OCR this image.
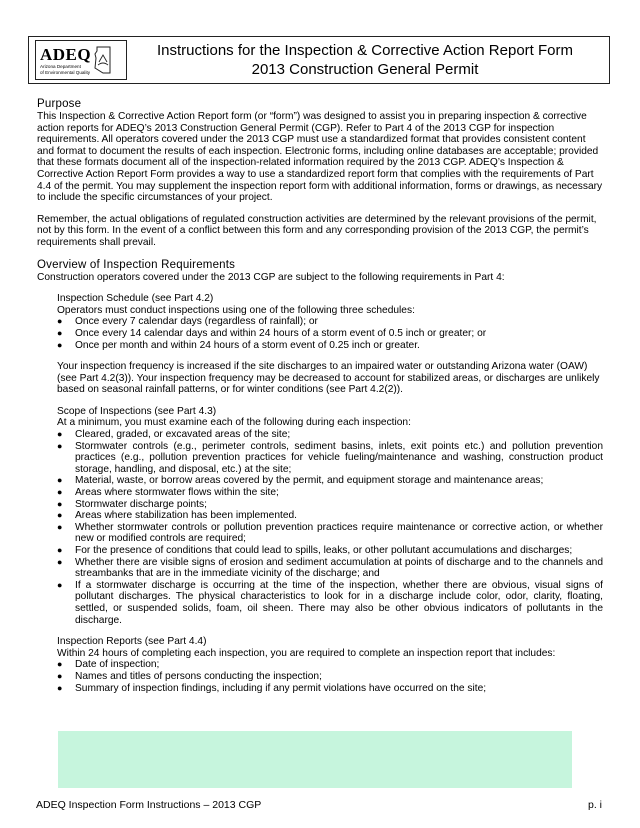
ADEQ
Arizona Department
of Environmental Quality
Instructions for the Inspection & Corrective Action Report Form
2013 Construction General Permit
Purpose

This Inspection & Corrective Action Report form (or “form”) was designed to assist you in preparing inspection & corrective action reports for ADEQ’s 2013 Construction General Permit (CGP). Refer to Part 4 of the 2013 CGP for inspection requirements. All operators covered under the 2013 CGP must use a standardized format that provides consistent content and format to document the results of each inspection. Electronic forms, including online databases are acceptable; provided that these formats document all of the inspection-related information required by the 2013 CGP. ADEQ’s Inspection & Corrective Action Report Form provides a way to use a standardized report form that complies with the requirements of Part 4.4 of the permit. You may supplement the inspection report form with additional information, forms or drawings, as necessary to include the specific circumstances of your project.

Remember, the actual obligations of regulated construction activities are determined by the relevant provisions of the permit, not by this form. In the event of a conflict between this form and any corresponding provision of the 2013 CGP, the permit’s requirements shall prevail.

Overview of Inspection Requirements

Construction operators covered under the 2013 CGP are subject to the following requirements in Part 4:

Inspection Schedule (see Part 4.2)

Operators must conduct inspections using one of the following three schedules:

● Once every 7 calendar days (regardless of rainfall); or
● Once every 14 calendar days and within 24 hours of a storm event of 0.5 inch or greater; or
● Once per month and within 24 hours of a storm event of 0.25 inch or greater.

Your inspection frequency is increased if the site discharges to an impaired water or outstanding Arizona water (OAW) (see Part 4.2(3)). Your inspection frequency may be decreased to account for stabilized areas, or discharges are unlikely based on seasonal rainfall patterns, or for winter conditions (see Part 4.2(2)).

Scope of Inspections (see Part 4.3)

At a minimum, you must examine each of the following during each inspection:

● Cleared, graded, or excavated areas of the site;
● Stormwater controls (e.g., perimeter controls, sediment basins, inlets, exit points etc.) and pollution prevention practices (e.g., pollution prevention practices for vehicle fueling/maintenance and washing, construction product storage, handling, and disposal, etc.) at the site;
● Material, waste, or borrow areas covered by the permit, and equipment storage and maintenance areas;
● Areas where stormwater flows within the site;
● Stormwater discharge points;
● Areas where stabilization has been implemented.
● Whether stormwater controls or pollution prevention practices require maintenance or corrective action, or whether new or modified controls are required;
● For the presence of conditions that could lead to spills, leaks, or other pollutant accumulations and discharges;
● Whether there are visible signs of erosion and sediment accumulation at points of discharge and to the channels and streambanks that are in the immediate vicinity of the discharge; and
● If a stormwater discharge is occurring at the time of the inspection, whether there are obvious, visual signs of pollutant discharges. The physical characteristics to look for in a discharge include color, odor, clarity, floating, settled, or suspended solids, foam, oil sheen. There may also be other obvious indicators of pollutants in the discharge.

Inspection Reports (see Part 4.4)

Within 24 hours of completing each inspection, you are required to complete an inspection report that includes:

● Date of inspection;
● Names and titles of persons conducting the inspection;
● Summary of inspection findings, including if any permit violations have occurred on the site;
ADEQ Inspection Form Instructions – 2013 CGP	p. i
